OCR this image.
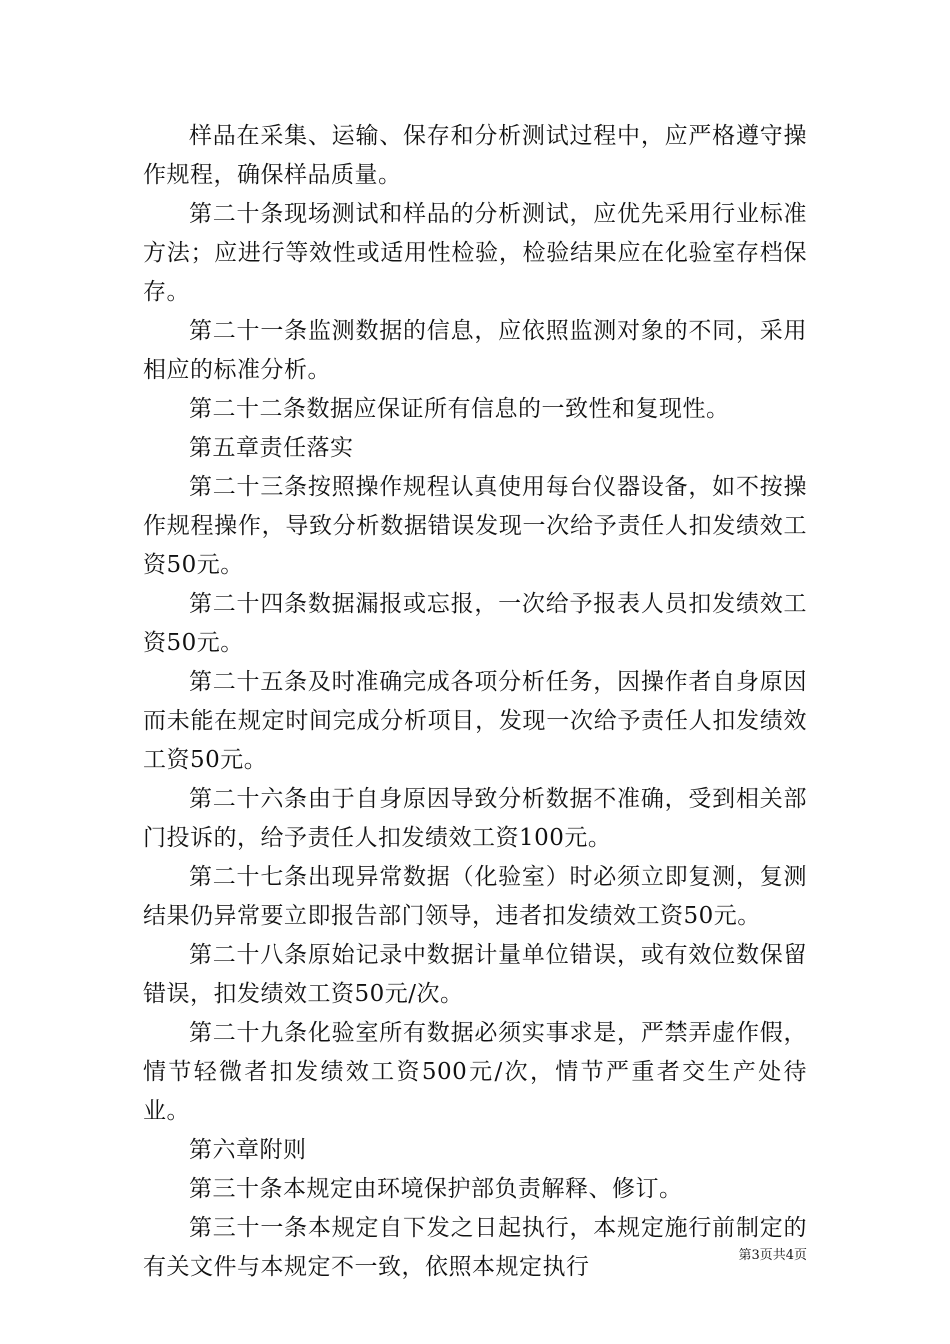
样品在采集、运输、保存和分析测试过程中，应严格遵守操作规程，确保样品质量。

第二十条现场测试和样品的分析测试，应优先采用行业标准方法；应进行等效性或适用性检验，检验结果应在化验室存档保存。

第二十一条监测数据的信息，应依照监测对象的不同，采用相应的标准分析。

第二十二条数据应保证所有信息的一致性和复现性。

第五章责任落实

第二十三条按照操作规程认真使用每台仪器设备，如不按操作规程操作，导致分析数据错误发现一次给予责任人扣发绩效工资50元。

第二十四条数据漏报或忘报，一次给予报表人员扣发绩效工资50元。

第二十五条及时准确完成各项分析任务，因操作者自身原因而未能在规定时间完成分析项目，发现一次给予责任人扣发绩效工资50元。

第二十六条由于自身原因导致分析数据不准确，受到相关部门投诉的，给予责任人扣发绩效工资100元。

第二十七条出现异常数据（化验室）时必须立即复测，复测结果仍异常要立即报告部门领导，违者扣发绩效工资50元。

第二十八条原始记录中数据计量单位错误，或有效位数保留错误，扣发绩效工资50元/次。

第二十九条化验室所有数据必须实事求是，严禁弄虚作假，情节轻微者扣发绩效工资500元/次，情节严重者交生产处待业。

第六章附则

第三十条本规定由环境保护部负责解释、修订。

第三十一条本规定自下发之日起执行，本规定施行前制定的有关文件与本规定不一致，依照本规定执行	第3页共4页
